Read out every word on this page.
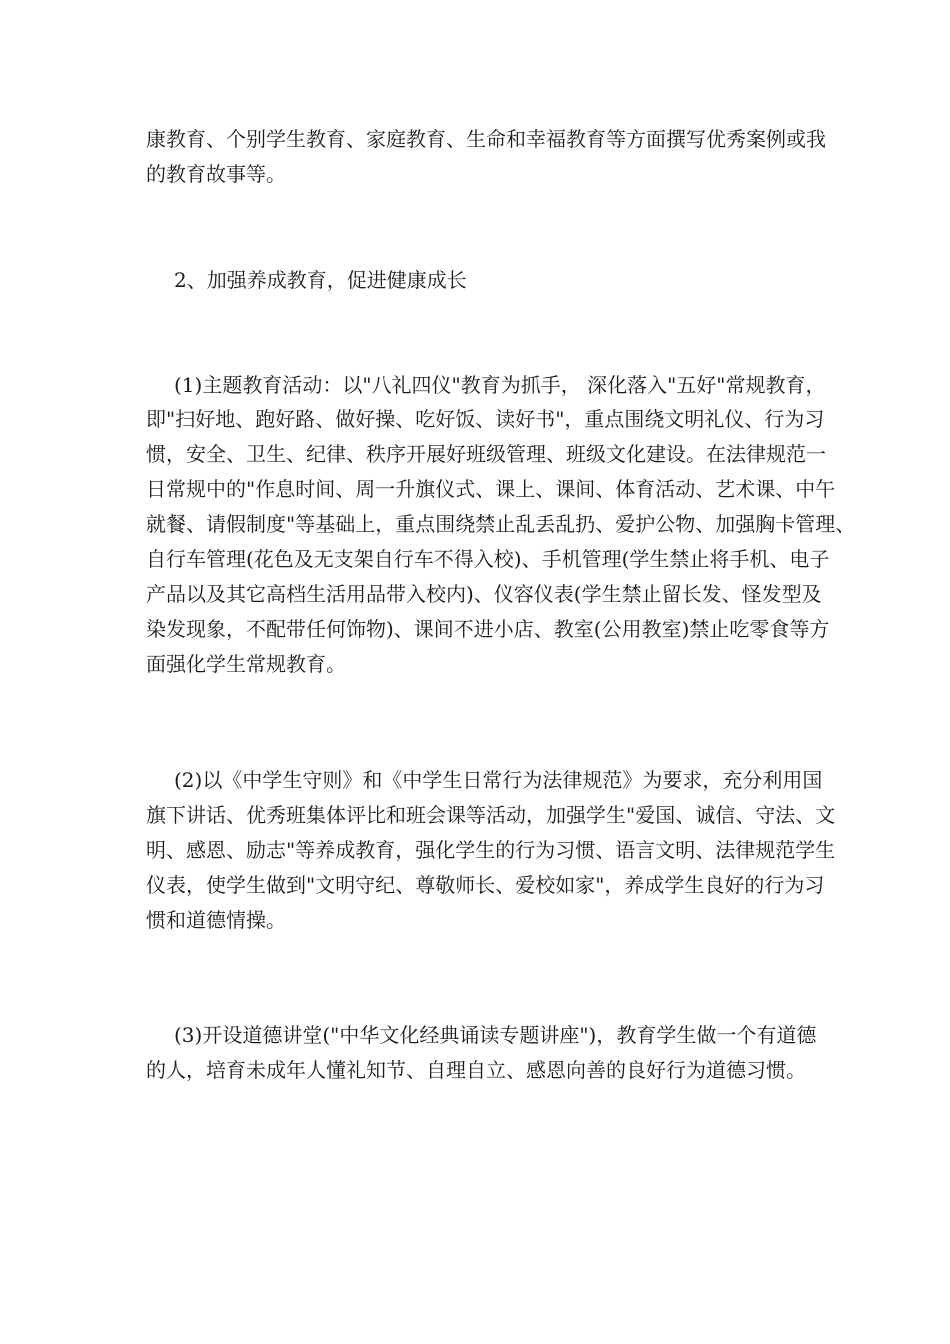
康教育、个别学生教育、家庭教育、生命和幸福教育等方面撰写优秀案例或我

的教育故事等。

2、加强养成教育，促进健康成长

(1)主题教育活动：以"八礼四仪"教育为抓手， 深化落入"五好"常规教育，

即"扫好地、跑好路、做好操、吃好饭、读好书"，重点围绕文明礼仪、行为习

惯，安全、卫生、纪律、秩序开展好班级管理、班级文化建设。在法律规范一

日常规中的"作息时间、周一升旗仪式、课上、课间、体育活动、艺术课、中午

就餐、请假制度"等基础上，重点围绕禁止乱丢乱扔、爱护公物、加强胸卡管理、

自行车管理(花色及无支架自行车不得入校)、手机管理(学生禁止将手机、电子

产品以及其它高档生活用品带入校内)、仪容仪表(学生禁止留长发、怪发型及

染发现象，不配带任何饰物)、课间不进小店、教室(公用教室)禁止吃零食等方

面强化学生常规教育。

(2)以《中学生守则》和《中学生日常行为法律规范》为要求，充分利用国

旗下讲话、优秀班集体评比和班会课等活动，加强学生"爱国、诚信、守法、文

明、感恩、励志"等养成教育，强化学生的行为习惯、语言文明、法律规范学生

仪表，使学生做到"文明守纪、尊敬师长、爱校如家"，养成学生良好的行为习

惯和道德情操。

(3)开设道德讲堂("中华文化经典诵读专题讲座")，教育学生做一个有道德

的人，培育未成年人懂礼知节、自理自立、感恩向善的良好行为道德习惯。
